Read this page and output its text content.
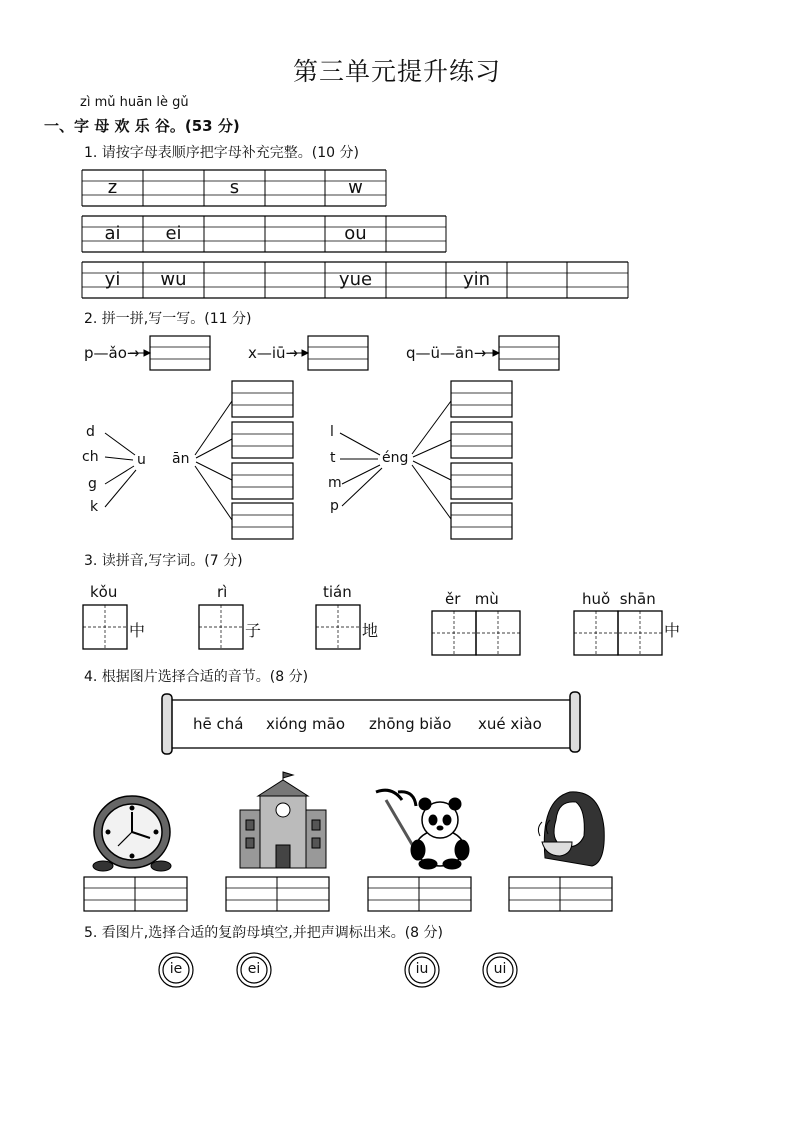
第三单元提升练习
zì mǔ huān lè gǔ
一、字 母 欢 乐 谷。(53 分)
1. 请按字母表顺序把字母补充完整。(10 分)
z	s	w
ai	ei	ou
yi	wu	yue	yin
2. 拼一拼,写一写。(11 分)
p—ǎo→	x—iū→	q—ü—ān→
d
ch
g
k
u ān
l
t
m
p
éng
3. 读拼音,写字词。(7 分)
kǒu	rì	tián	ěr   mù	huǒ  shān
中	子	地	中
4. 根据图片选择合适的音节。(8 分)
hē chá xióng māo zhōng biǎo xué xiào
5. 看图片,选择合适的复韵母填空,并把声调标出来。(8 分)
ie	ei	iu	ui
